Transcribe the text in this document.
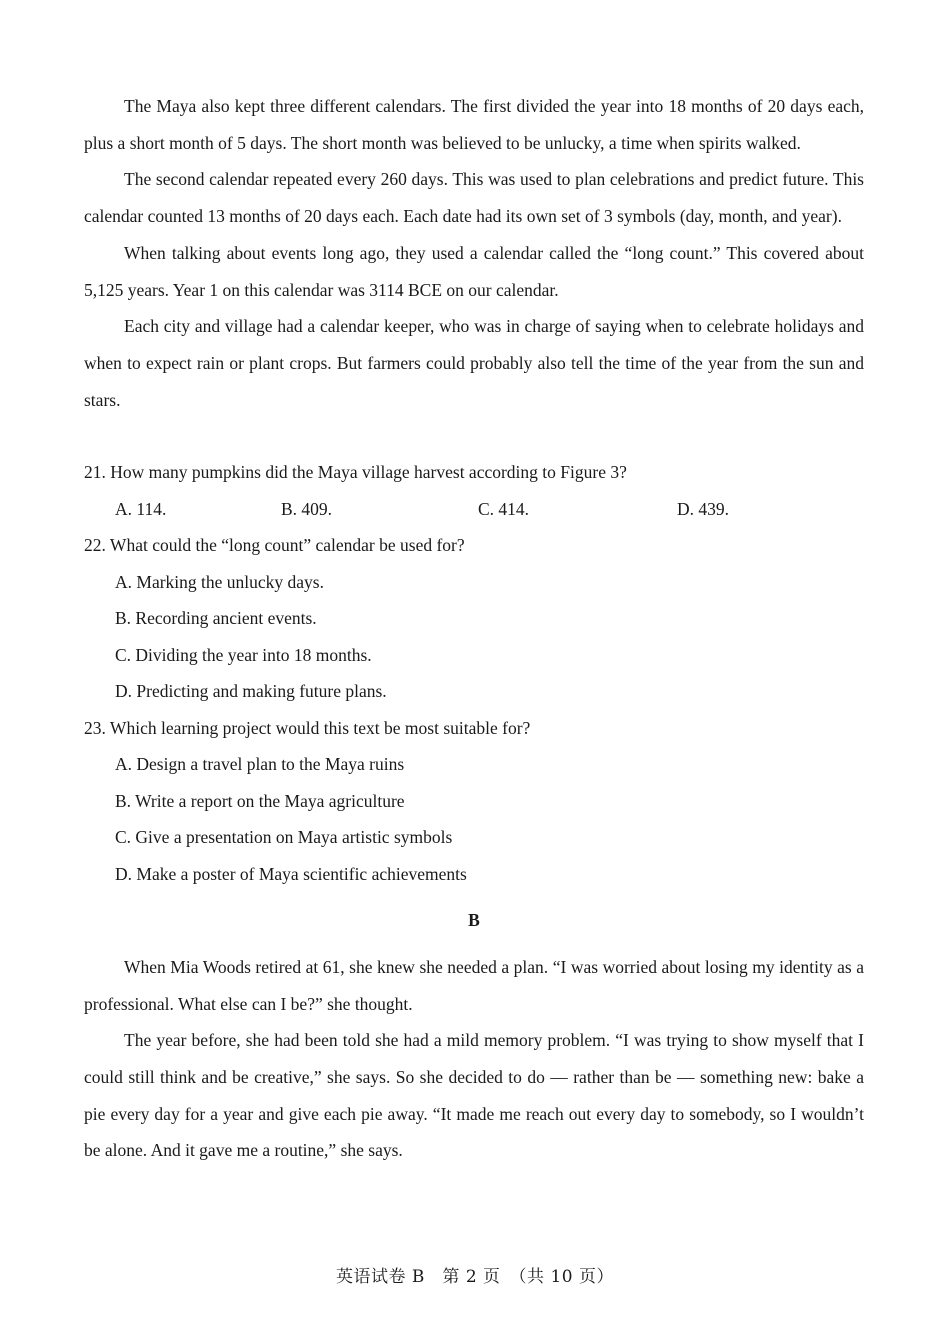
The Maya also kept three different calendars. The first divided the year into 18 months of 20 days each, plus a short month of 5 days. The short month was believed to be unlucky, a time when spirits walked.

The second calendar repeated every 260 days. This was used to plan celebrations and predict future. This calendar counted 13 months of 20 days each. Each date had its own set of 3 symbols (day, month, and year).

When talking about events long ago, they used a calendar called the “long count.” This covered about 5,125 years. Year 1 on this calendar was 3114 BCE on our calendar.

Each city and village had a calendar keeper, who was in charge of saying when to celebrate holidays and when to expect rain or plant crops. But farmers could probably also tell the time of the year from the sun and stars.

21. How many pumpkins did the Maya village harvest according to Figure 3?

A. 114.	B. 409.	C. 414.	D. 439.

22. What could the “long count” calendar be used for?

A. Marking the unlucky days.

B. Recording ancient events.

C. Dividing the year into 18 months.

D. Predicting and making future plans.

23. Which learning project would this text be most suitable for?

A. Design a travel plan to the Maya ruins

B. Write a report on the Maya agriculture

C. Give a presentation on Maya artistic symbols

D. Make a poster of Maya scientific achievements

B

When Mia Woods retired at 61, she knew she needed a plan. “I was worried about losing my identity as a professional. What else can I be?” she thought.

The year before, she had been told she had a mild memory problem. “I was trying to show myself that I could still think and be creative,” she says. So she decided to do — rather than be — something new: bake a pie every day for a year and give each pie away. “It made me reach out every day to somebody, so I wouldn’t be alone. And it gave me a routine,” she says.

英语试卷 B　第 2 页　（共 10 页）
